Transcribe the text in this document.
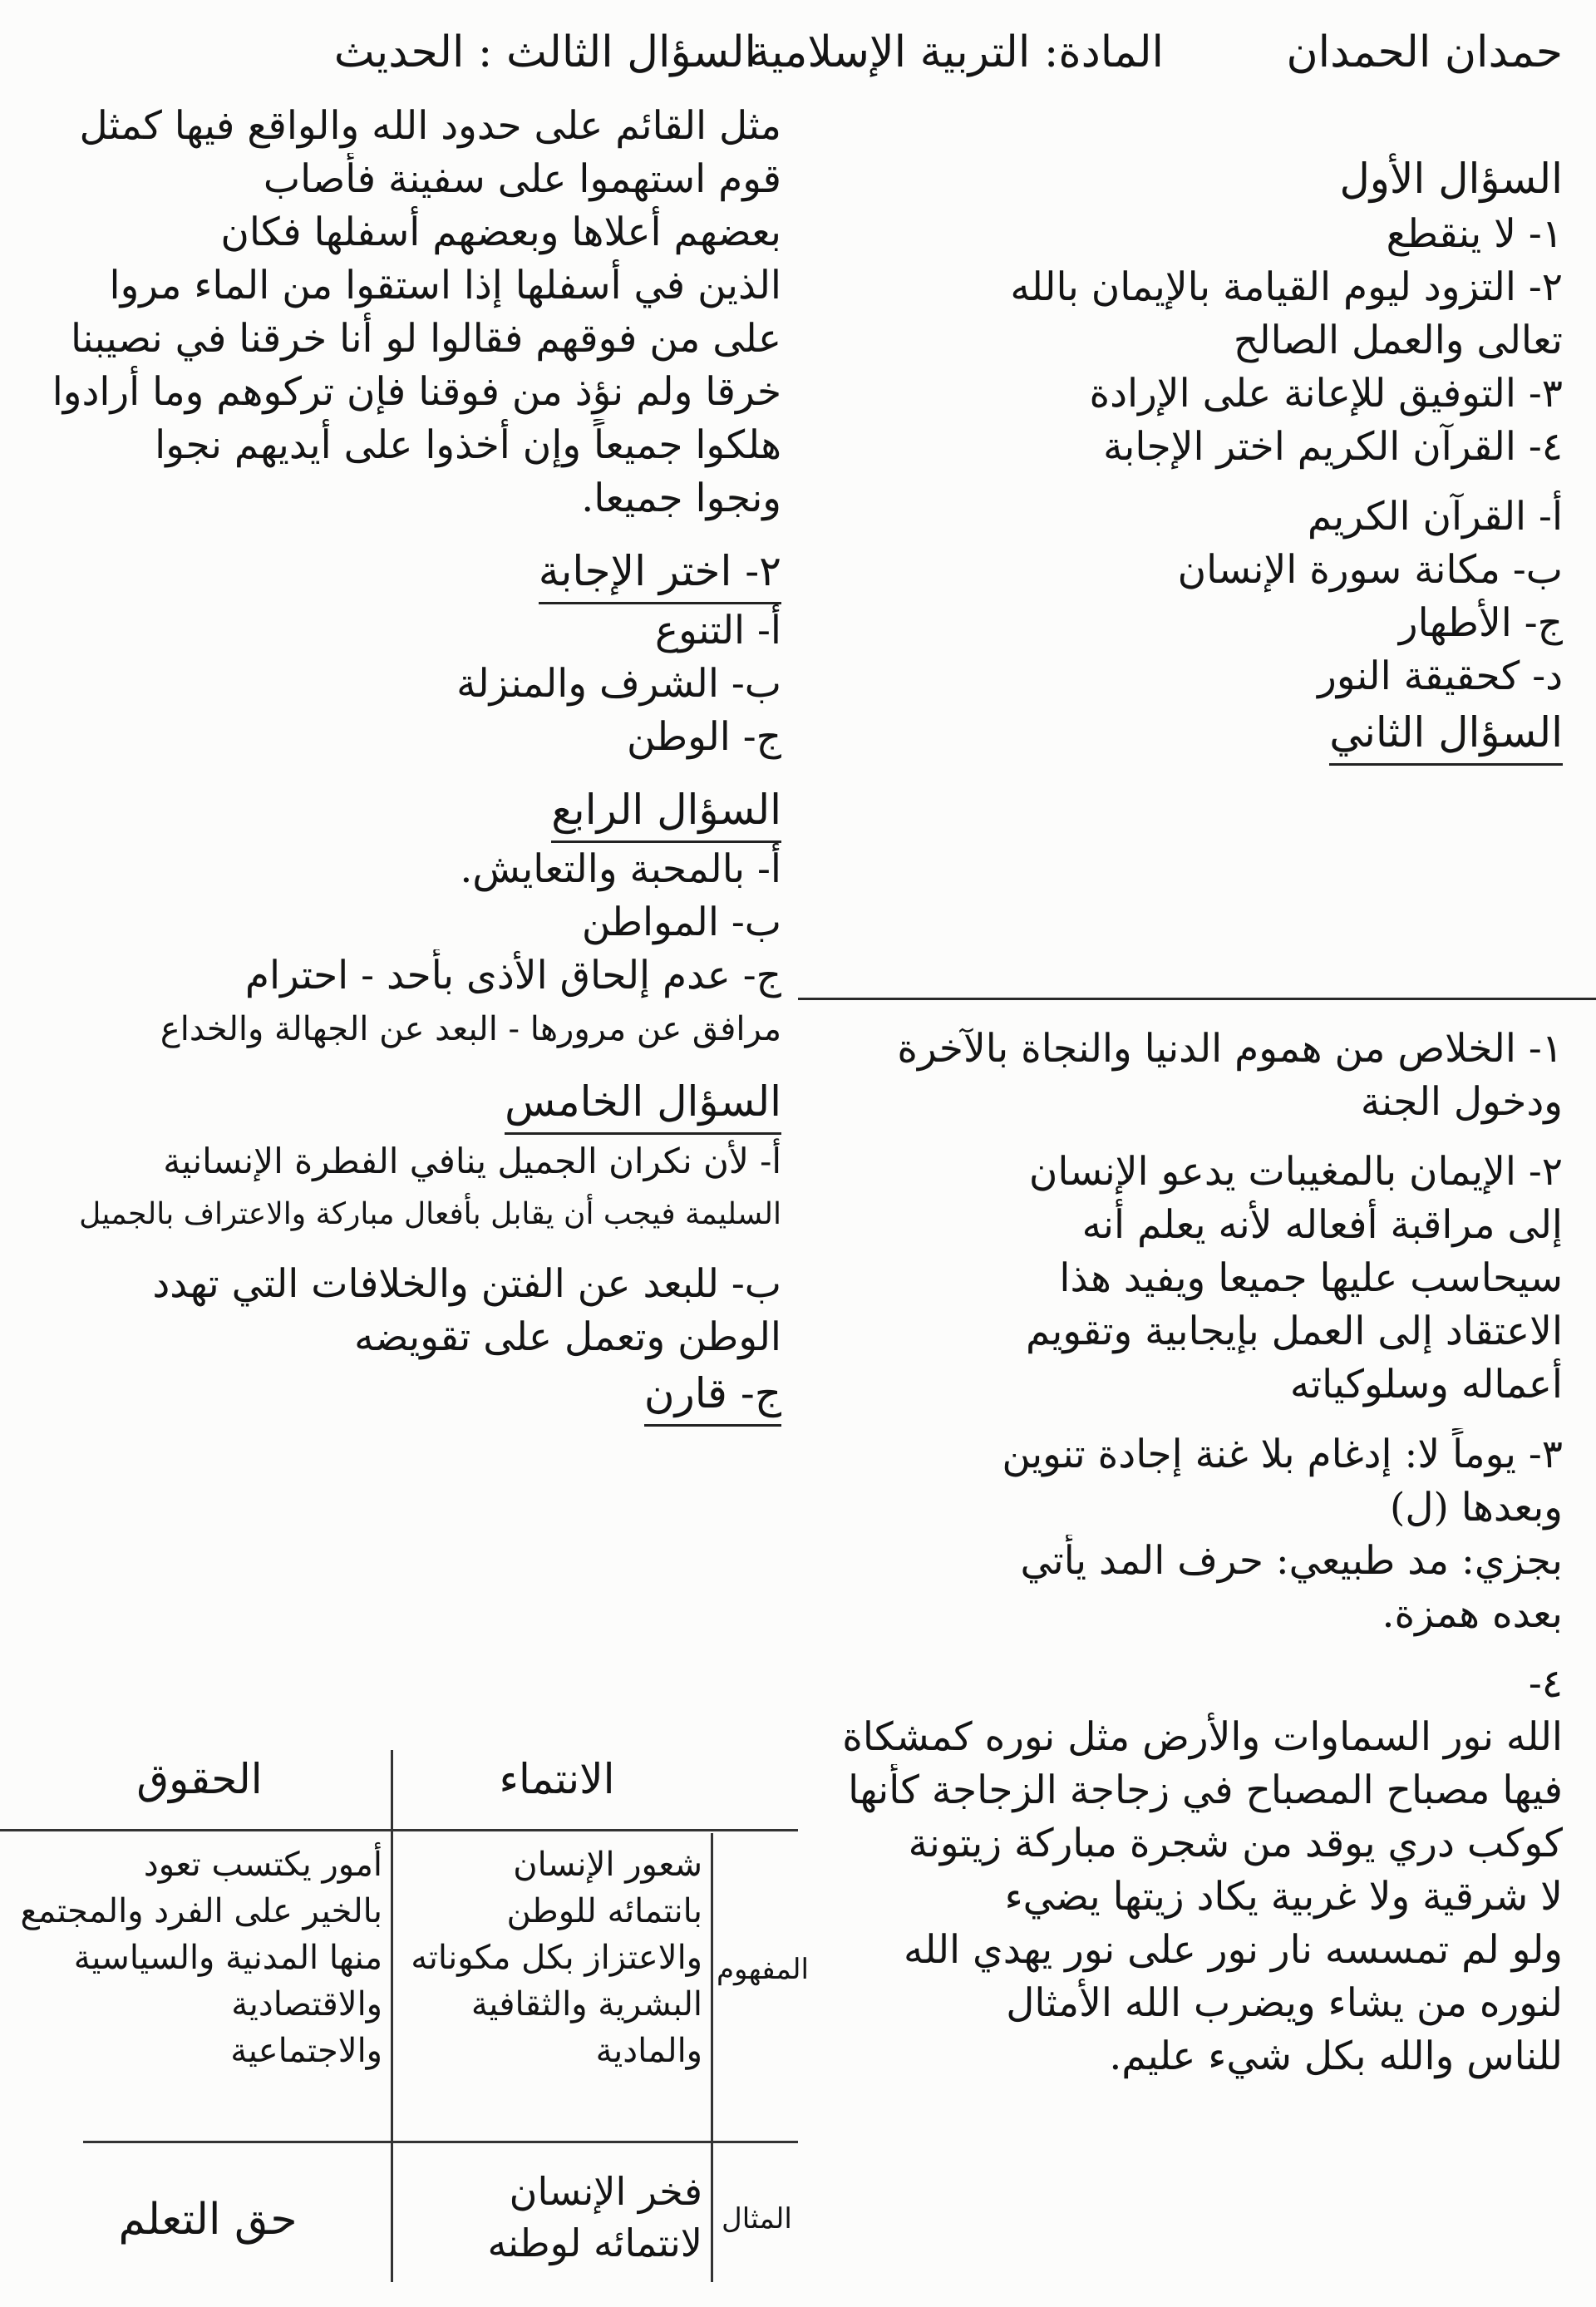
حمدان الحمدان
المادة: التربية الإسلامية
السؤال الثالث : الحديث
السؤال الأول
١- لا ينقطع
٢- التزود ليوم القيامة بالإيمان بالله
تعالى والعمل الصالح
٣- التوفيق للإعانة على الإرادة
٤- القرآن الكريم اختر الإجابة
أ- القرآن الكريم
ب- مكانة سورة الإنسان
ج- الأطهار
د- كحقيقة النور
السؤال الثاني
١- الخلاص من هموم الدنيا والنجاة بالآخرة
ودخول الجنة
٢- الإيمان بالمغيبات يدعو الإنسان
إلى مراقبة أفعاله لأنه يعلم أنه
سيحاسب عليها جميعا ويفيد هذا
الاعتقاد إلى العمل بإيجابية وتقويم
أعماله وسلوكياته
٣- يوماً لا: إدغام بلا غنة إجادة تنوين
وبعدها (ل)
بجزي: مد طبيعي: حرف المد يأتي
بعده همزة.
٤-
الله نور السماوات والأرض مثل نوره كمشكاة
فيها مصباح المصباح في زجاجة الزجاجة كأنها
كوكب دري يوقد من شجرة مباركة زيتونة
لا شرقية ولا غربية يكاد زيتها يضيء
ولو لم تمسسه نار نور على نور يهدي الله
لنوره من يشاء ويضرب الله الأمثال
للناس والله بكل شيء عليم.
مثل القائم على حدود الله والواقع فيها كمثل
قوم استهموا على سفينة فأصاب
بعضهم أعلاها وبعضهم أسفلها فكان
الذين في أسفلها إذا استقوا من الماء مروا
على من فوقهم فقالوا لو أنا خرقنا في نصيبنا
خرقا ولم نؤذ من فوقنا فإن تركوهم وما أرادوا
هلكوا جميعاً وإن أخذوا على أيديهم نجوا
ونجوا جميعا.
٢- اختر الإجابة
أ- التنوع
ب- الشرف والمنزلة
ج- الوطن
السؤال الرابع
أ- بالمحبة والتعايش.
ب- المواطن
ج- عدم إلحاق الأذى بأحد - احترام
مرافق عن مرورها - البعد عن الجهالة والخداع
السؤال الخامس
أ- لأن نكران الجميل ينافي الفطرة الإنسانية
السليمة فيجب أن يقابل بأفعال مباركة والاعتراف بالجميل
ب- للبعد عن الفتن والخلافات التي تهدد
الوطن وتعمل على تقويضه
ج- قارن
الانتماء
الحقوق
المفهوم
المثال
شعور الإنسان
بانتمائه للوطن
والاعتزاز بكل مكوناته
البشرية والثقافية
والمادية
أمور يكتسب تعود
بالخير على الفرد والمجتمع
منها المدنية والسياسية
والاقتصادية
والاجتماعية
فخر الإنسان
لانتمائه لوطنه
حق التعلم
